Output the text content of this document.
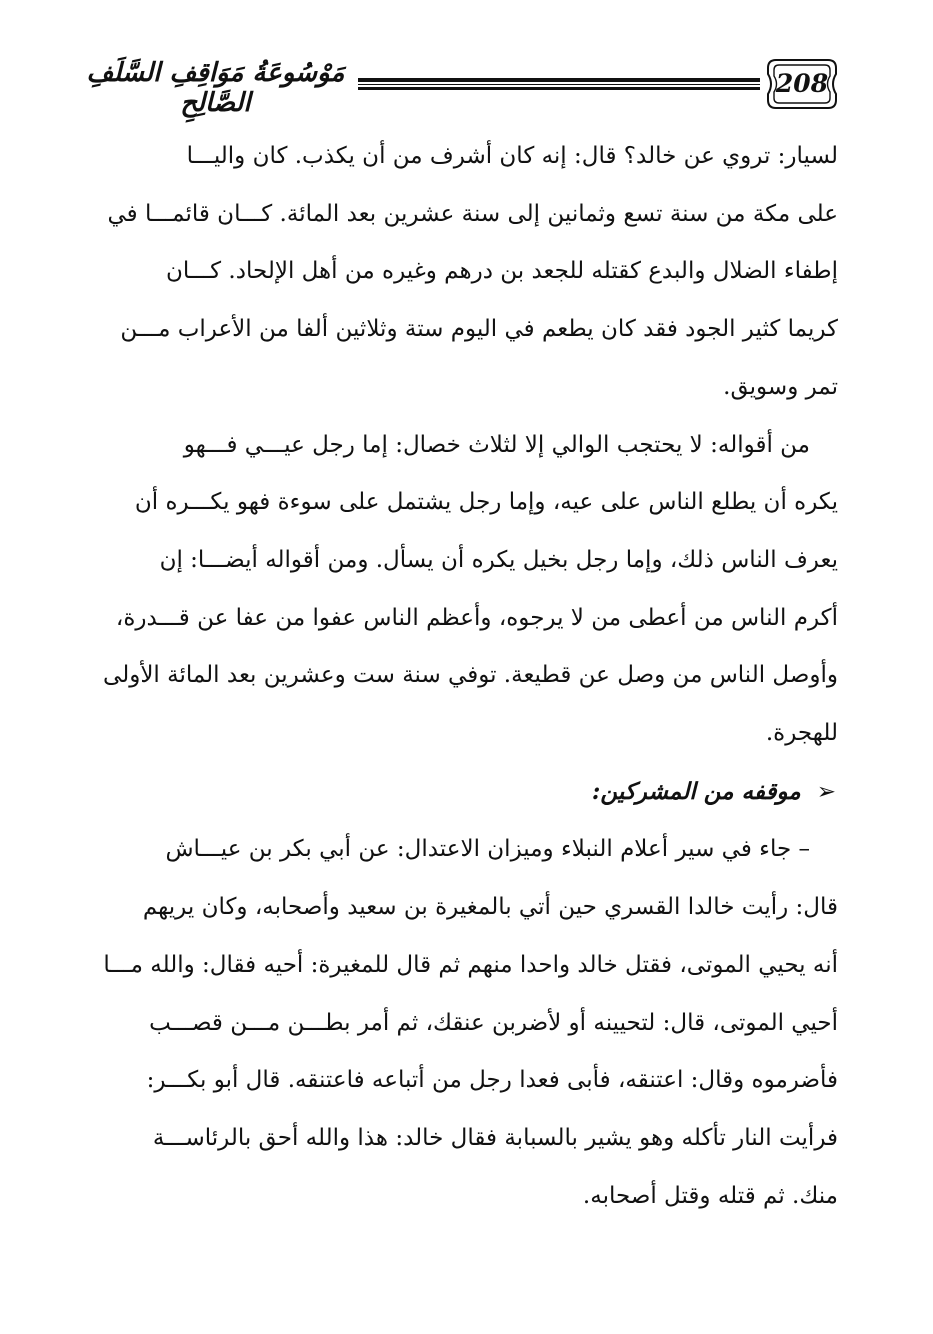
208
مَوْسُوعَةُ مَوَاقِفِ السَّلَفِ الصَّالِحِ

لسيار: تروي عن خالد؟ قال: إنه كان أشرف من أن يكذب. كان واليـــا

على مكة من سنة تسع وثمانين إلى سنة عشرين بعد المائة. كـــان قائمـــا في

إطفاء الضلال والبدع كقتله للجعد بن درهم وغيره من أهل الإلحاد. كـــان

كريما كثير الجود فقد كان يطعم في اليوم ستة وثلاثين ألفا من الأعراب مـــن

تمر وسويق.

من أقواله: لا يحتجب الوالي إلا لثلاث خصال: إما رجل عيـــي فـــهو

يكره أن يطلع الناس على عيه، وإما رجل يشتمل على سوءة فهو يكـــره أن

يعرف الناس ذلك، وإما رجل بخيل يكره أن يسأل. ومن أقواله أيضـــا: إن

أكرم الناس من أعطى من لا يرجوه، وأعظم الناس عفوا من عفا عن قـــدرة،

وأوصل الناس من وصل عن قطيعة. توفي سنة ست وعشرين بعد المائة الأولى

للهجرة.

➢موقفه من المشركين:

– جاء في سير أعلام النبلاء وميزان الاعتدال: عن أبي بكر بن عيـــاش

قال: رأيت خالدا القسري حين أتي بالمغيرة بن سعيد وأصحابه، وكان يريهم

أنه يحيي الموتى، فقتل خالد واحدا منهم ثم قال للمغيرة: أحيه فقال: والله مـــا

أحيي الموتى، قال: لتحيينه أو لأضربن عنقك، ثم أمر بطـــن مـــن قصـــب

فأضرموه وقال: اعتنقه، فأبى فعدا رجل من أتباعه فاعتنقه. قال أبو بكـــر:

فرأيت النار تأكله وهو يشير بالسبابة فقال خالد: هذا والله أحق بالرئاســـة

منك. ثم قتله وقتل أصحابه.
